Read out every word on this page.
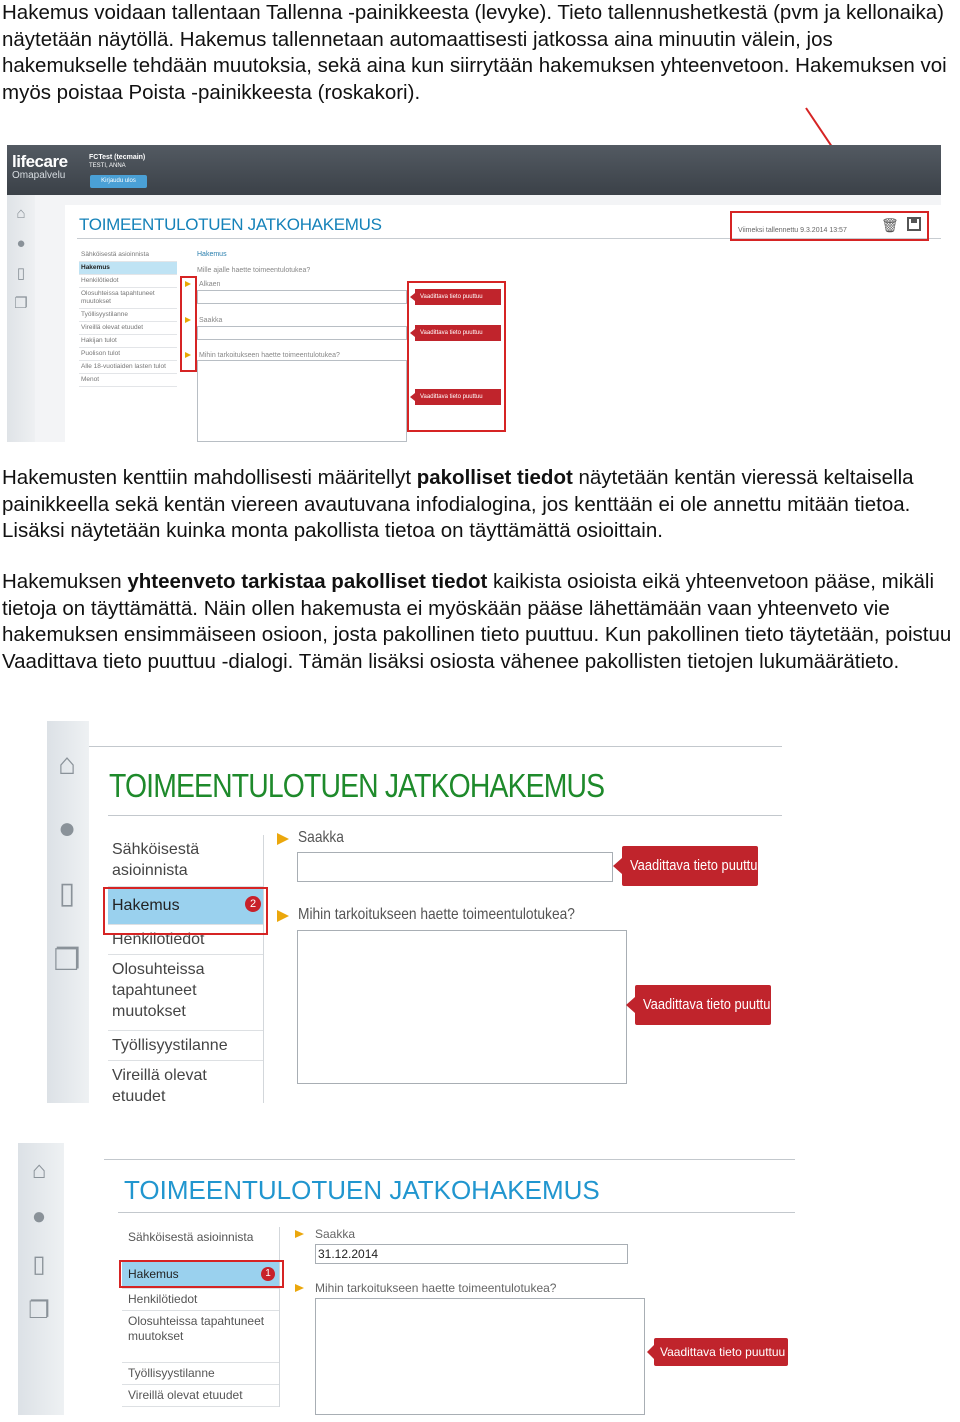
Hakemus voidaan tallentaan Tallenna -painikkeesta (levyke). Tieto tallennushetkestä (pvm ja kellonaika) näytetään näytöllä. Hakemus tallennetaan automaattisesti jatkossa aina minuutin välein, jos hakemukselle tehdään muutoksia, sekä aina kun siirrytään hakemuksen yhteenvetoon. Hakemuksen voi myös poistaa Poista -painikkeesta (roskakori).
lifecare
Omapalvelu
FCTest (tecmain)
TESTI, ANNA
Kirjaudu ulos
⌂
●
▯
❐
TOIMEENTULOTUEN JATKOHAKEMUS	Viimeksi tallennettu 9.3.2014 13:57 🗑
Sähköisestä asioinnista
Hakemus
Henkilötiedot
Olosuhteissa tapahtuneet muutokset
Työllisyystilanne
Vireillä olevat etuudet
Hakijan tulot
Puolison tulot
Alle 18-vuotiaiden lasten tulot
Menot
Hakemus
Mille ajalle haette toimeentulotukea?
Alkaen
Saakka
Mihin tarkoitukseen haette toimeentulotukea?
Vaadittava tieto puuttuu
Vaadittava tieto puuttuu
Vaadittava tieto puuttuu
Hakemusten kenttiin mahdollisesti määritellyt pakolliset tiedot näytetään kentän vieressä keltaisella painikkeella sekä kentän viereen avautuvana infodialogina, jos kenttään ei ole annettu mitään tietoa. Lisäksi näytetään kuinka monta pakollista tietoa on täyttämättä osioittain.
Hakemuksen yhteenveto tarkistaa pakolliset tiedot kaikista osioista eikä yhteenvetoon pääse, mikäli tietoja on täyttämättä. Näin ollen hakemusta ei myöskään pääse lähettämään vaan yhteenveto vie hakemuksen ensimmäiseen osioon, josta pakollinen tieto puuttuu. Kun pakollinen tieto täytetään, poistuu Vaadittava tieto puuttuu -dialogi. Tämän lisäksi osiosta vähenee pakollisten tietojen lukumäärätieto.
⌂
●
▯
❐
TOIMEENTULOTUEN JATKOHAKEMUS
Sähköisestä asioinnista
Hakemus	2
Henkilötiedot
Olosuhteissa tapahtuneet muutokset
Työllisyystilanne
Vireillä olevat etuudet
Saakka
Vaadittava tieto puuttuu
Mihin tarkoitukseen haette toimeentulotukea?
Vaadittava tieto puuttuu
⌂
●
▯
❐
TOIMEENTULOTUEN JATKOHAKEMUS
Sähköisestä asioinnista
Hakemus	1
Henkilötiedot
Olosuhteissa tapahtuneet muutokset
Työllisyystilanne
Vireillä olevat etuudet
Saakka
31.12.2014
Mihin tarkoitukseen haette toimeentulotukea?
Vaadittava tieto puuttuu
